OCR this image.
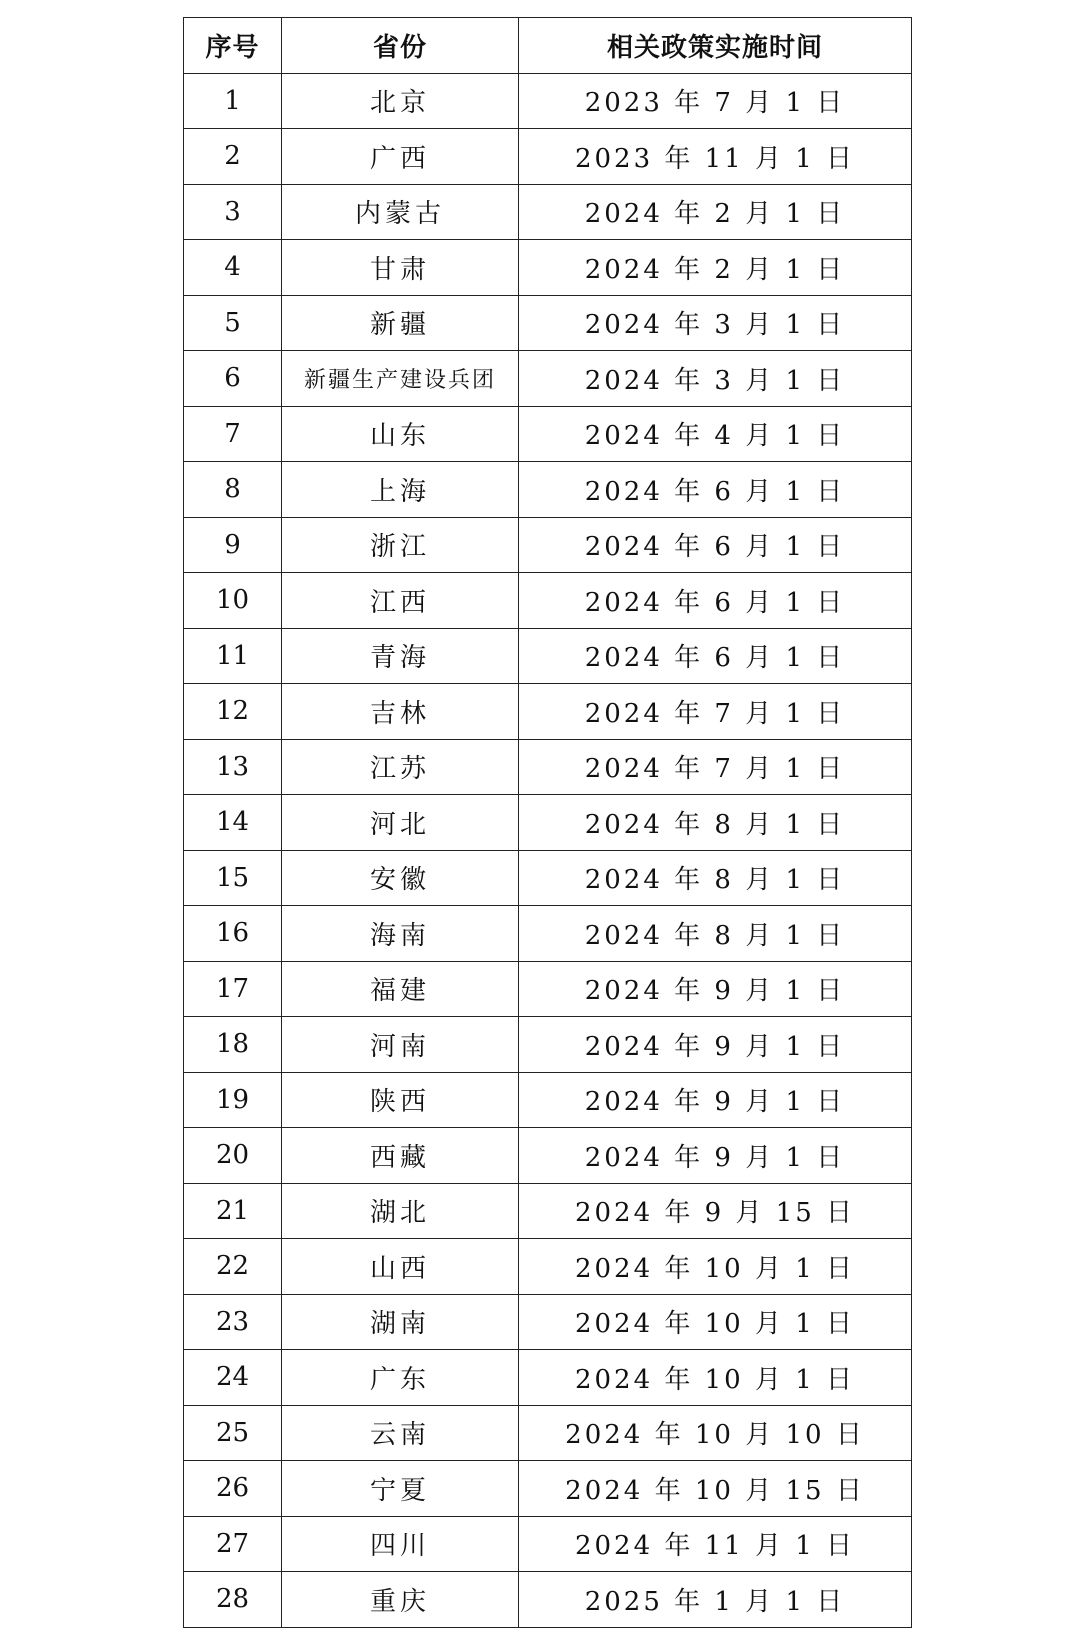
序号	省份	相关政策实施时间
1	北京	2023 年 7 月 1 日
2	广西	2023 年 11 月 1 日
3	内蒙古	2024 年 2 月 1 日
4	甘肃	2024 年 2 月 1 日
5	新疆	2024 年 3 月 1 日
6	新疆生产建设兵团	2024 年 3 月 1 日
7	山东	2024 年 4 月 1 日
8	上海	2024 年 6 月 1 日
9	浙江	2024 年 6 月 1 日
10	江西	2024 年 6 月 1 日
11	青海	2024 年 6 月 1 日
12	吉林	2024 年 7 月 1 日
13	江苏	2024 年 7 月 1 日
14	河北	2024 年 8 月 1 日
15	安徽	2024 年 8 月 1 日
16	海南	2024 年 8 月 1 日
17	福建	2024 年 9 月 1 日
18	河南	2024 年 9 月 1 日
19	陕西	2024 年 9 月 1 日
20	西藏	2024 年 9 月 1 日
21	湖北	2024 年 9 月 15 日
22	山西	2024 年 10 月 1 日
23	湖南	2024 年 10 月 1 日
24	广东	2024 年 10 月 1 日
25	云南	2024 年 10 月 10 日
26	宁夏	2024 年 10 月 15 日
27	四川	2024 年 11 月 1 日
28	重庆	2025 年 1 月 1 日
